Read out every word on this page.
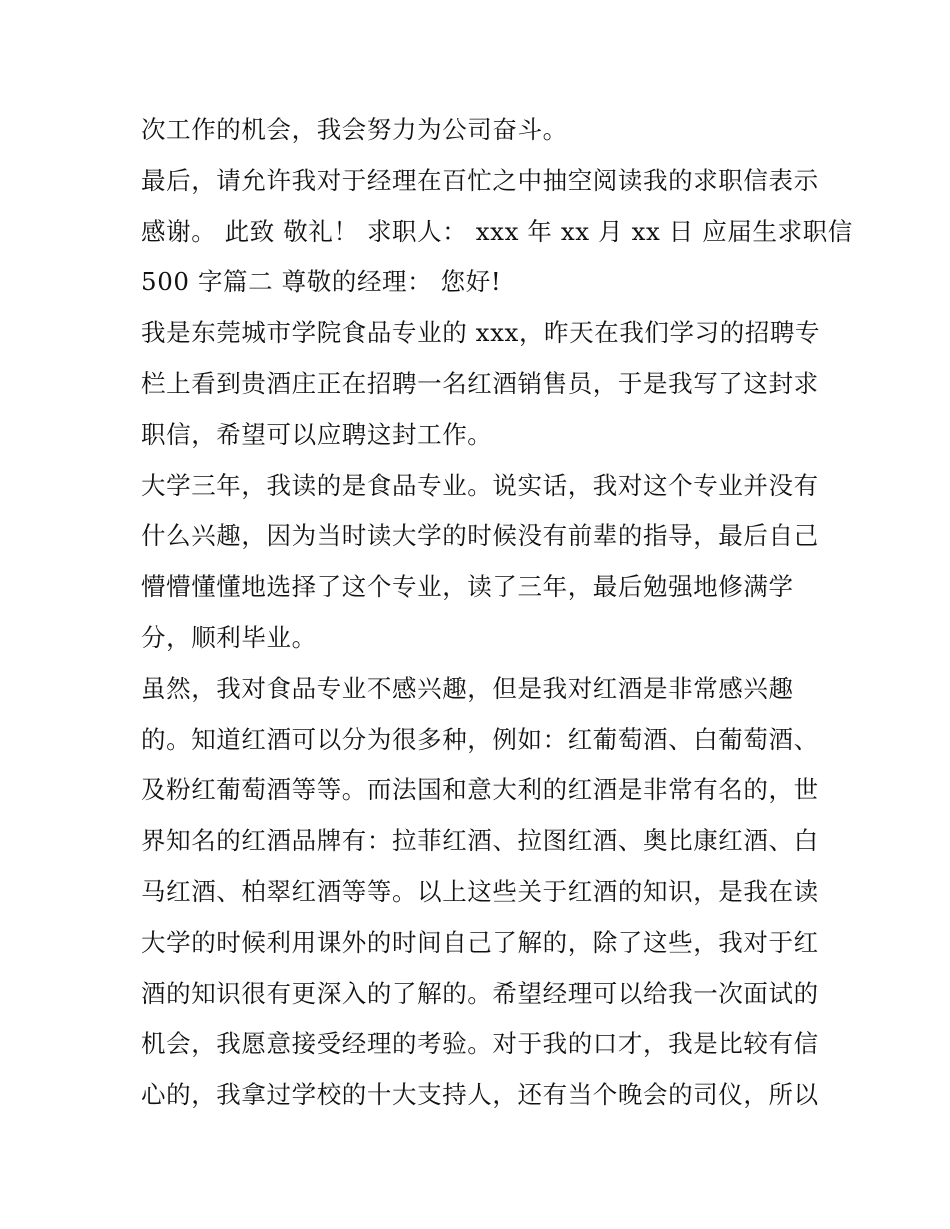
次工作的机会，我会努力为公司奋斗。
最后，请允许我对于经理在百忙之中抽空阅读我的求职信表示
感谢。 此致 敬礼！ 求职人： xxx 年 xx 月 xx 日 应届生求职信
500 字篇二 尊敬的经理： 您好!
我是东莞城市学院食品专业的 xxx，昨天在我们学习的招聘专
栏上看到贵酒庄正在招聘一名红酒销售员，于是我写了这封求
职信，希望可以应聘这封工作。
大学三年，我读的是食品专业。说实话，我对这个专业并没有
什么兴趣，因为当时读大学的时候没有前辈的指导，最后自己
懵懵懂懂地选择了这个专业，读了三年，最后勉强地修满学
分，顺利毕业。
虽然，我对食品专业不感兴趣，但是我对红酒是非常感兴趣
的。知道红酒可以分为很多种，例如：红葡萄酒、白葡萄酒、
及粉红葡萄酒等等。而法国和意大利的红酒是非常有名的，世
界知名的红酒品牌有：拉菲红酒、拉图红酒、奥比康红酒、白
马红酒、柏翠红酒等等。以上这些关于红酒的知识，是我在读
大学的时候利用课外的时间自己了解的，除了这些，我对于红
酒的知识很有更深入的了解的。希望经理可以给我一次面试的
机会，我愿意接受经理的考验。对于我的口才，我是比较有信
心的，我拿过学校的十大支持人，还有当个晚会的司仪，所以
